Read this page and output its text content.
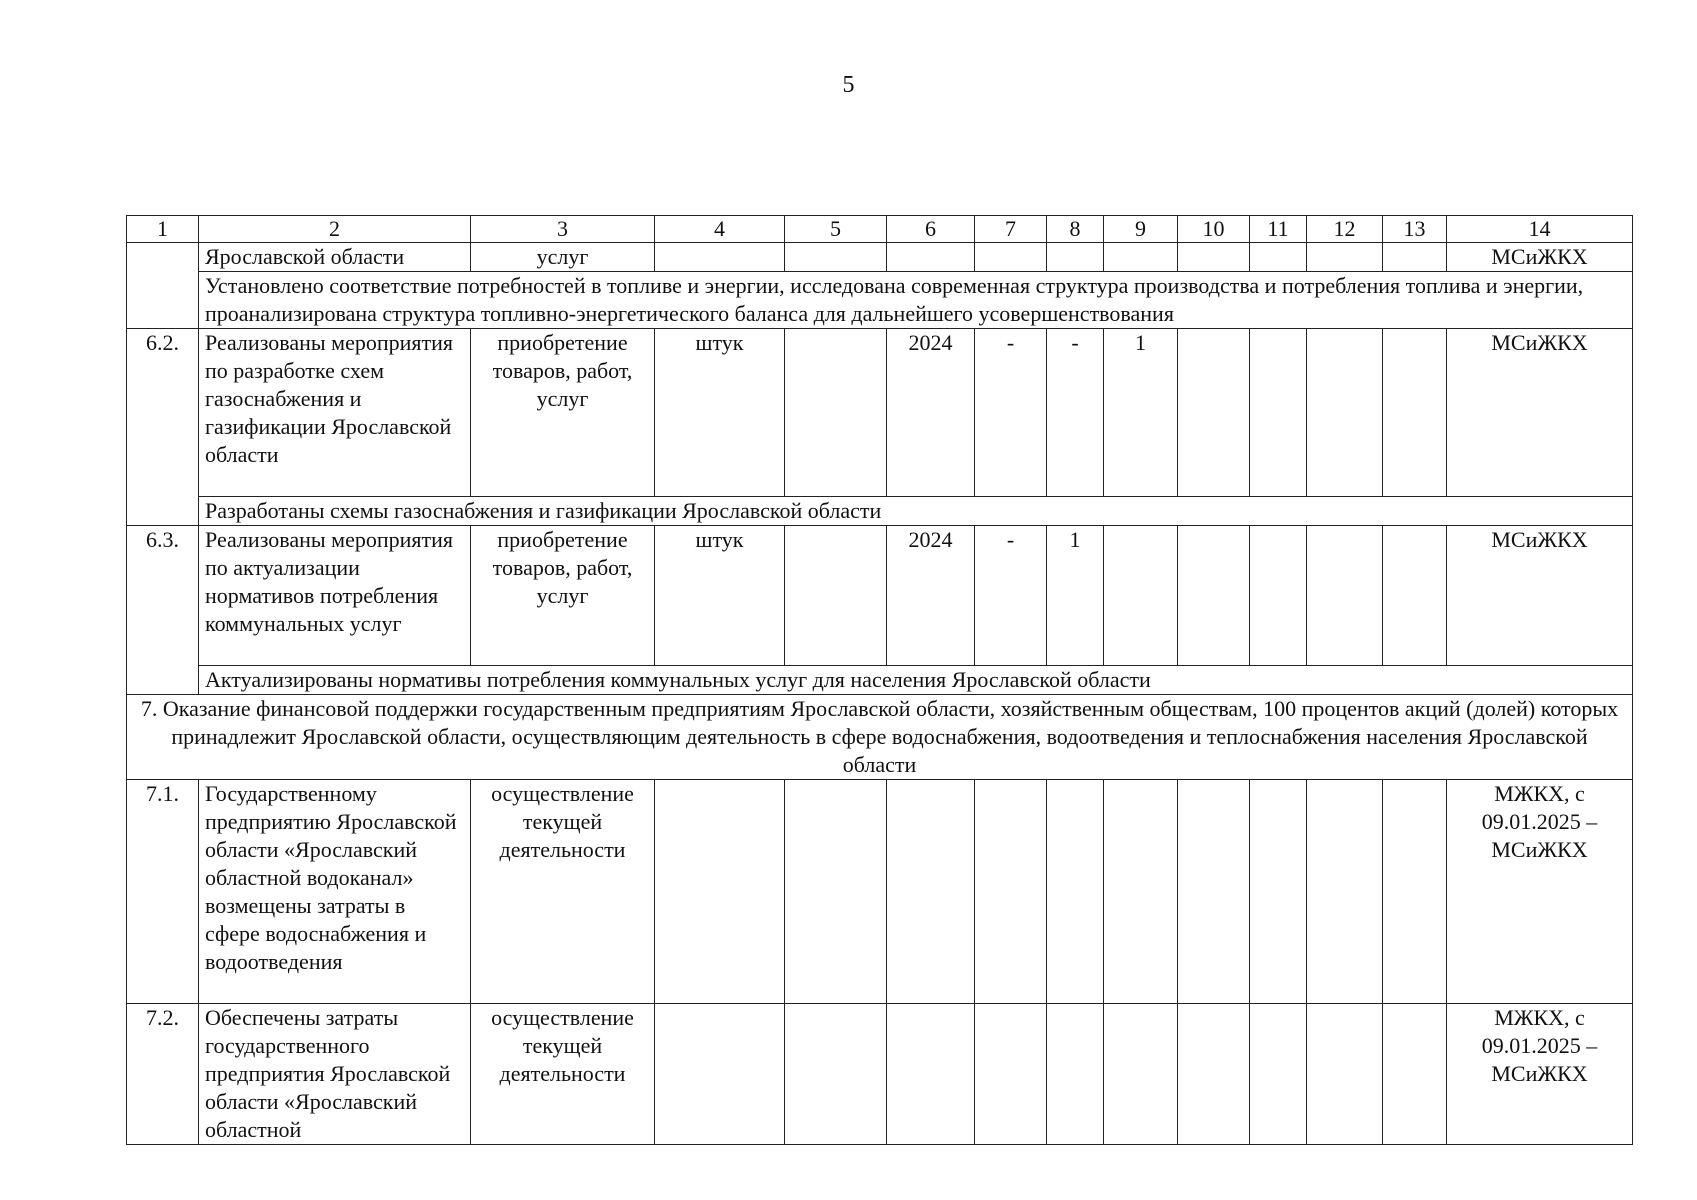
5
1	2	3	4	5	6	7	8	9	10	11	12	13	14
	Ярославской области	услуг											МСиЖКХ
	Установлено соответствие потребностей в топливе и энергии, исследована современная структура производства и потребления топлива и энергии, проанализирована структура топливно-энергетического баланса для дальнейшего усовершенствования												
6.2.	Реализованы мероприятия по разработке схем газоснабжения и газификации Ярославской области	приобретение товаров, работ, услуг	штук		2024	-	-	1					МСиЖКХ
	Разработаны схемы газоснабжения и газификации Ярославской области												
6.3.	Реализованы мероприятия по актуализации нормативов потребления коммунальных услуг	приобретение товаров, работ, услуг	штук		2024	-	1						МСиЖКХ
	Актуализированы нормативы потребления коммунальных услуг для населения Ярославской области												
7. Оказание финансовой поддержки государственным предприятиям Ярославской области, хозяйственным обществам, 100 процентов акций (долей) которых принадлежит Ярославской области, осуществляющим деятельность в сфере водоснабжения, водоотведения и теплоснабжения населения Ярославской области													
7.1.	Государственному предприятию Ярославской области «Ярославский областной водоканал» возмещены затраты в сфере водоснабжения и водоотведения	осуществление текущей деятельности											МЖКХ, с 09.01.2025 – МСиЖКХ
7.2.	Обеспечены затраты государственного предприятия Ярославской области «Ярославский областной	осуществление текущей деятельности											МЖКХ, с 09.01.2025 – МСиЖКХ
